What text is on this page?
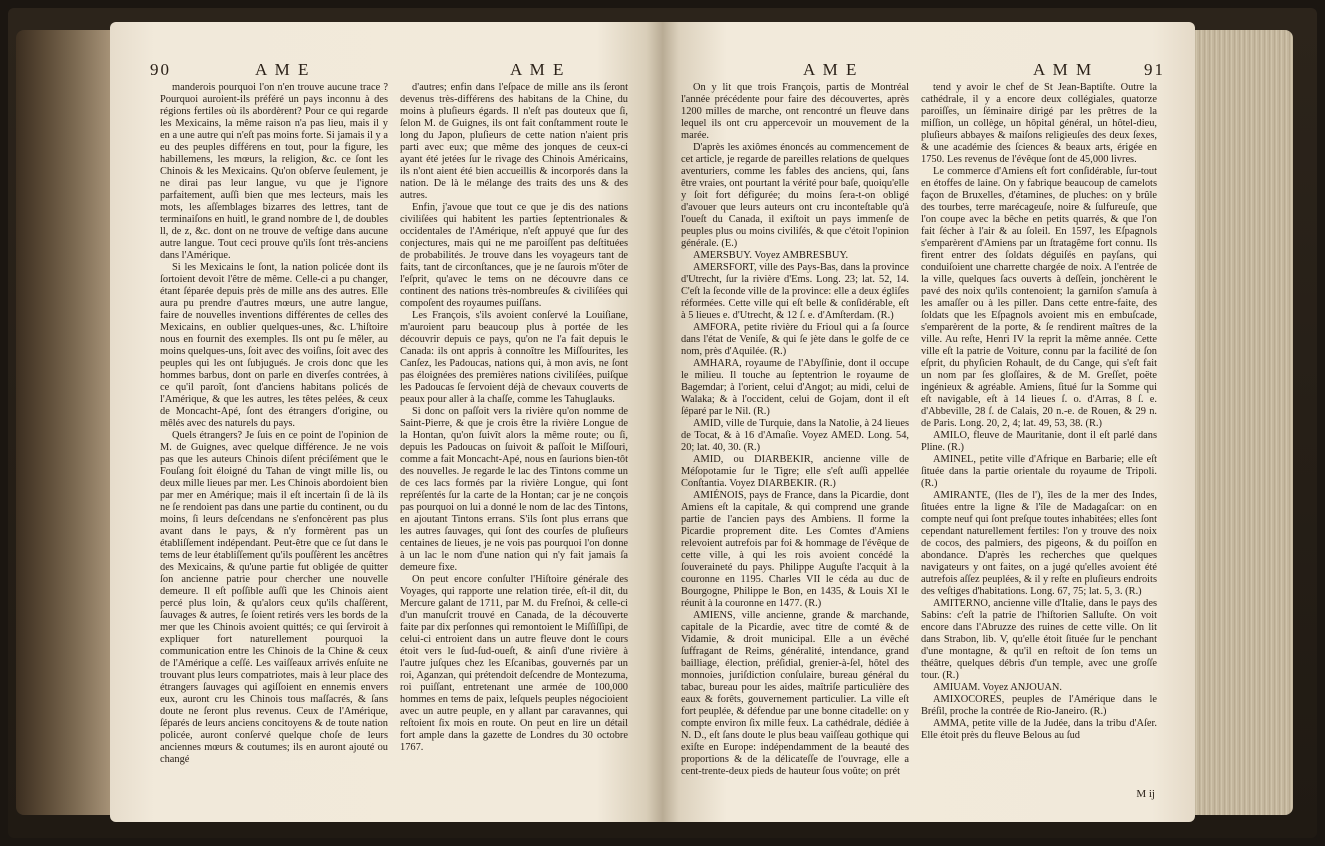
90	A M E	A M E

manderois pourquoi l'on n'en trouve aucune trace ? Pourquoi auroient-ils préféré un pays inconnu à des régions fertiles où ils abordèrent? Pour ce qui regarde les Mexicains, la même raison n'a pas lieu, mais il y en a une autre qui n'eſt pas moins forte. Si jamais il y a eu des peuples différens en tout, pour la figure, les habillemens, les mœurs, la religion, &c. ce ſont les Chinois & les Mexicains. Qu'on obſerve ſeulement, je ne dirai pas leur langue, vu que je l'ignore parfaitement, auſſi bien que mes lecteurs, mais les mots, les aſſemblages bizarres des lettres, tant de terminaiſons en huitl, le grand nombre de l, de doubles ll, de z, &c. dont on ne trouve de veſtige dans aucune autre langue. Tout ceci prouve qu'ils ſont très-anciens dans l'Amérique.

Si les Mexicains le ſont, la nation policée dont ils ſortoient devoit l'être de même. Celle-ci a pu changer, étant ſéparée depuis près de mille ans des autres. Elle aura pu prendre d'autres mœurs, une autre langue, faire de nouvelles inventions différentes de celles des Mexicains, en oublier quelques-unes, &c. L'hiſtoire nous en fournit des exemples. Ils ont pu ſe mêler, au moins quelques-uns, ſoit avec des voiſins, ſoit avec des peuples qui les ont ſubjugués. Je crois donc que les hommes barbus, dont on parle en diverſes contrées, à ce qu'il paroît, ſont d'anciens habitans policés de l'Amérique, & que les autres, les têtes pelées, & ceux de Moncacht-Apé, ſont des étrangers d'origine, ou mêlés avec des naturels du pays.

Quels étrangers? Je ſuis en ce point de l'opinion de M. de Guignes, avec quelque différence. Je ne vois pas que les auteurs Chinois diſent préciſément que le Fouſang ſoit éloigné du Tahan de vingt mille lis, ou deux mille lieues par mer. Les Chinois abordoient bien par mer en Amérique; mais il eſt incertain ſi de là ils ne ſe rendoient pas dans une partie du continent, ou du moins, ſi leurs deſcendans ne s'enfoncèrent pas plus avant dans le pays, & n'y formèrent pas un établiſſement indépendant. Peut-être que ce ſut dans le tems de leur établiſſement qu'ils pouſſèrent les ancêtres des Mexicains, & qu'une partie fut obligée de quitter ſon ancienne patrie pour chercher une nouvelle demeure. Il eſt poſſible auſſi que les Chinois aient percé plus loin, & qu'alors ceux qu'ils chaſſèrent, ſauvages & autres, ſe ſoient retirés vers les bords de la mer que les Chinois avoient quittés; ce qui ſerviroit à expliquer fort naturellement pourquoi la communication entre les Chinois de la Chine & ceux de l'Amérique a ceſſé. Les vaiſſeaux arrivés enſuite ne trouvant plus leurs compatriotes, mais à leur place des étrangers ſauvages qui agiſſoient en ennemis envers eux, auront cru les Chinois tous maſſacrés, & ſans doute ne ſeront plus revenus. Ceux de l'Amérique, ſéparés de leurs anciens concitoyens & de toute nation policée, auront conſervé quelque choſe de leurs anciennes mœurs & coutumes; ils en auront ajouté ou changé

d'autres; enfin dans l'eſpace de mille ans ils ſeront devenus très-différens des habitans de la Chine, du moins à pluſieurs égards. Il n'eſt pas douteux que ſi, ſelon M. de Guignes, ils ont fait conſtamment route le long du Japon, pluſieurs de cette nation n'aient pris parti avec eux; que même des jonques de ceux-ci ayant été jetées ſur le rivage des Chinois Américains, ils n'ont aient été bien accueillis & incorporés dans la nation. De là le mélange des traits des uns & des autres.

Enfin, j'avoue que tout ce que je dis des nations civiliſées qui habitent les parties ſeptentrionales & occidentales de l'Amérique, n'eſt appuyé que ſur des conjectures, mais qui ne me paroiſſent pas deſtituées de probabilités. Je trouve dans les voyageurs tant de faits, tant de circonſtances, que je ne ſaurois m'ôter de l'eſprit, qu'avec le tems on ne découvre dans ce continent des nations très-nombreuſes & civiliſées qui compoſent des royaumes puiſſans.

Les François, s'ils avoient conſervé la Louiſiane, m'auroient paru beaucoup plus à portée de les découvrir depuis ce pays, qu'on ne l'a fait depuis le Canada: ils ont appris à connoître les Miſſourites, les Canſez, les Padoucas, nations qui, à mon avis, ne ſont pas éloignées des premières nations civiliſées, puiſque les Padoucas ſe ſervoient déjà de chevaux couverts de peaux pour aller à la chaſſe, comme les Tahuglauks.

Si donc on paſſoit vers la rivière qu'on nomme de Saint-Pierre, & que je crois être la rivière Longue de la Hontan, qu'on ſuivît alors la même route; ou ſi, depuis les Padoucas on ſuivoit & paſſoit le Miſſouri, comme a fait Moncacht-Apé, nous en ſaurions bien-tôt des nouvelles. Je regarde le lac des Tintons comme un de ces lacs formés par la rivière Longue, qui ſont repréſentés ſur la carte de la Hontan; car je ne conçois pas pourquoi on lui a donné le nom de lac des Tintons, en ajoutant Tintons errans. S'ils ſont plus errans que les autres ſauvages, qui ſont des courſes de pluſieurs centaines de lieues, je ne vois pas pourquoi l'on donne à un lac le nom d'une nation qui n'y fait jamais ſa demeure fixe.

On peut encore conſulter l'Hiſtoire générale des Voyages, qui rapporte une relation tirée, eſt-il dit, du Mercure galant de 1711, par M. du Freſnoi, & celle-ci d'un manuſcrit trouvé en Canada, de la découverte faite par dix perſonnes qui remontoient le Miſſiſſipi, de celui-ci entroient dans un autre fleuve dont le cours étoit vers le ſud-ſud-oueſt, & ainſi d'une rivière à l'autre juſques chez les Eſcanibas, gouvernés par un roi, Aganzan, qui prétendoit deſcendre de Montezuma, roi puiſſant, entretenant une armée de 100,000 hommes en tems de paix, leſquels peuples négocioient avec un autre peuple, en y allant par caravannes, qui reſtoient ſix mois en route. On peut en lire un détail fort ample dans la gazette de Londres du 30 octobre 1767.

A M E	A M M	91

On y lit que trois François, partis de Montréal l'année précédente pour faire des découvertes, après 1200 milles de marche, ont rencontré un fleuve dans lequel ils ont cru appercevoir un mouvement de la marée.

D'après les axiômes énoncés au commencement de cet article, je regarde de pareilles relations de quelques aventuriers, comme les fables des anciens, qui, ſans être vraies, ont pourtant la vérité pour baſe, quoiqu'elle y ſoit fort défigurée; du moins ſera-t-on obligé d'avouer que leurs auteurs ont cru inconteſtable qu'à l'oueſt du Canada, il exiſtoit un pays immenſe de peuples plus ou moins civiliſés, & que c'étoit l'opinion générale. (E.)

AMERSBUY. Voyez AMBRESBUY.

AMERSFORT, ville des Pays-Bas, dans la province d'Utrecht, ſur la rivière d'Ems. Long. 23; lat. 52, 14. C'eſt la ſeconde ville de la province: elle a deux égliſes réformées. Cette ville qui eſt belle & conſidérable, eſt à 5 lieues e. d'Utrecht, & 12 ſ. e. d'Amſterdam. (R.)

AMFORA, petite rivière du Frioul qui a ſa ſource dans l'état de Veniſe, & qui ſe jète dans le golfe de ce nom, près d'Aquilée. (R.)

AMHARA, royaume de l'Abyſſinie, dont il occupe le milieu. Il touche au ſeptentrion le royaume de Bagemdar; à l'orient, celui d'Angot; au midi, celui de Walaka; & à l'occident, celui de Gojam, dont il eſt ſéparé par le Nil. (R.)

AMID, ville de Turquie, dans la Natolie, à 24 lieues de Tocat, & à 16 d'Amaſie. Voyez AMED. Long. 54, 20; lat. 40, 30. (R.)

AMID, ou DIARBEKIR, ancienne ville de Méſopotamie ſur le Tigre; elle s'eſt auſſi appellée Conſtantia. Voyez DIARBEKIR. (R.)

AMIÉNOIS, pays de France, dans la Picardie, dont Amiens eſt la capitale, & qui comprend une grande partie de l'ancien pays des Ambiens. Il forme la Picardie proprement dite. Les Comtes d'Amiens relevoient autrefois par foi & hommage de l'évêque de cette ville, à qui les rois avoient concédé la ſouveraineté du pays. Philippe Auguſte l'acquit à la couronne en 1195. Charles VII le céda au duc de Bourgogne, Philippe le Bon, en 1435, & Louis XI le réunit à la couronne en 1477. (R.)

AMIENS, ville ancienne, grande & marchande, capitale de la Picardie, avec titre de comté & de Vidamie, & droit municipal. Elle a un évêché ſuffragant de Reims, généralité, intendance, grand bailliage, élection, préſidial, grenier-à-ſel, hôtel des monnoies, juriſdiction conſulaire, bureau général du tabac, bureau pour les aides, maîtriſe particulière des eaux & forêts, gouvernement particulier. La ville eſt fort peuplée, & défendue par une bonne citadelle: on y compte environ ſix mille feux. La cathédrale, dédiée à N. D., eſt ſans doute le plus beau vaiſſeau gothique qui exiſte en Europe: indépendamment de la beauté des proportions & de la délicateſſe de l'ouvrage, elle a cent-trente-deux pieds de hauteur ſous voûte; on prét

tend y avoir le chef de St Jean-Baptiſte. Outre la cathédrale, il y a encore deux collégiales, quatorze paroiſſes, un ſéminaire dirigé par les prêtres de la miſſion, un collège, un hôpital général, un hôtel-dieu, pluſieurs abbayes & maiſons religieuſes des deux ſexes, & une académie des ſciences & beaux arts, érigée en 1750. Les revenus de l'évêque ſont de 45,000 livres.

Le commerce d'Amiens eſt fort conſidérable, ſur-tout en étoffes de laine. On y fabrique beaucoup de camelots façon de Bruxelles, d'étamines, de pluches: on y brûle des tourbes, terre marécageuſe, noire & ſulfureuſe, que l'on coupe avec la bêche en petits quarrés, & que l'on fait ſécher à l'air & au ſoleil. En 1597, les Eſpagnols s'emparèrent d'Amiens par un ſtratagême fort connu. Ils firent entrer des ſoldats déguiſés en payſans, qui conduiſoient une charrette chargée de noix. A l'entrée de la ville, quelques ſacs ouverts à deſſein, jonchèrent le pavé des noix qu'ils contenoient; la garniſon s'amuſa à les amaſſer ou à les piller. Dans cette entre-faite, des ſoldats que les Eſpagnols avoient mis en embuſcade, s'emparèrent de la porte, & ſe rendirent maîtres de la ville. Au reſte, Henri IV la reprit la même année. Cette ville eſt la patrie de Voiture, connu par la facilité de ſon eſprit, du phyſicien Rohault, de du Cange, qui s'eſt fait un nom par ſes gloſſaires, & de M. Greſſet, poëte ingénieux & agréable. Amiens, ſitué ſur la Somme qui eſt navigable, eſt à 14 lieues ſ. o. d'Arras, 8 ſ. e. d'Abbeville, 28 ſ. de Calais, 20 n.-e. de Rouen, & 29 n. de Paris. Long. 20, 2, 4; lat. 49, 53, 38. (R.)

AMILO, fleuve de Mauritanie, dont il eſt parlé dans Pline. (R.)

AMINEL, petite ville d'Afrique en Barbarie; elle eſt ſituée dans la partie orientale du royaume de Tripoli. (R.)

AMIRANTE, (Iles de l'), îles de la mer des Indes, ſituées entre la ligne & l'île de Madagaſcar: on en compte neuf qui ſont preſque toutes inhabitées; elles ſont cependant naturellement fertiles: l'on y trouve des noix de cocos, des palmiers, des pigeons, & du poiſſon en abondance. D'après les recherches que quelques navigateurs y ont faites, on a jugé qu'elles avoient été autrefois aſſez peuplées, & il y reſte en pluſieurs endroits des veſtiges d'habitations. Long. 67, 75; lat. 5, 3. (R.)

AMITERNO, ancienne ville d'Italie, dans le pays des Sabins: c'eſt la patrie de l'hiſtorien Salluſte. On voit encore dans l'Abruzze des ruines de cette ville. On lit dans Strabon, lib. V, qu'elle étoit ſituée ſur le penchant d'une montagne, & qu'il en reſtoit de ſon tems un théâtre, quelques débris d'un temple, avec une groſſe tour. (R.)

AMIUAM. Voyez ANJOUAN.

AMIXOCORES, peuples de l'Amérique dans le Bréſil, proche la contrée de Rio-Janeiro. (R.)

AMMA, petite ville de la Judée, dans la tribu d'Aſer. Elle étoit près du fleuve Belous au ſud

M ij
